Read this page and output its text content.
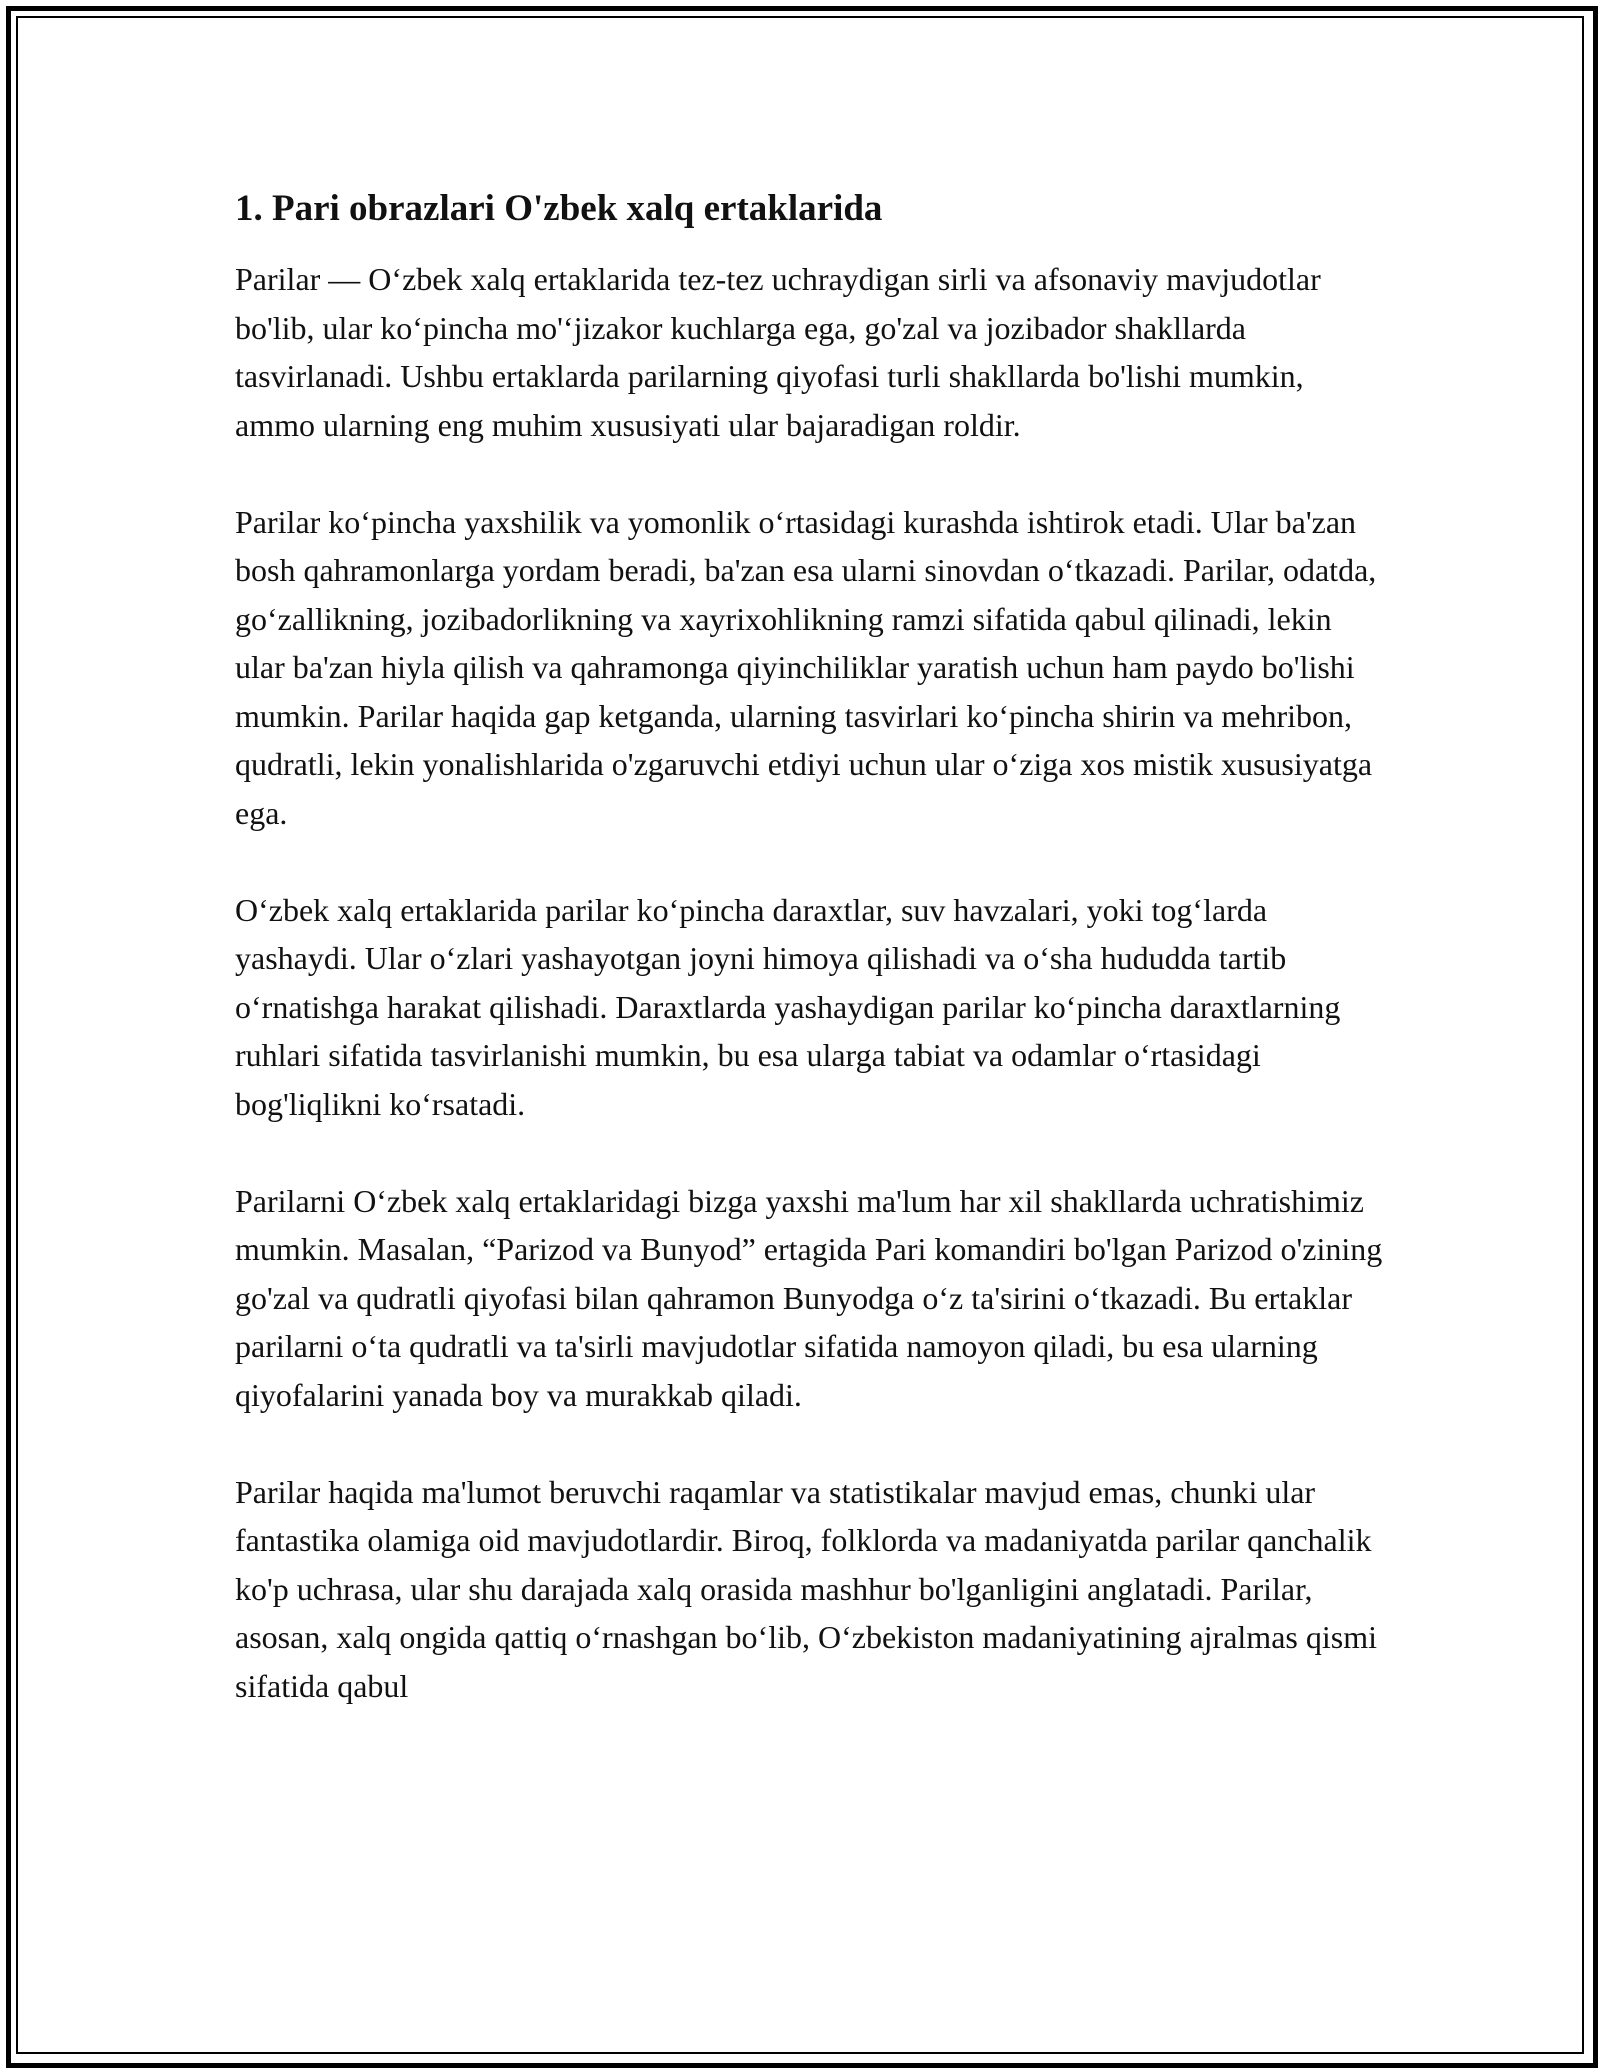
1. Pari obrazlari O'zbek xalq ertaklarida

Parilar — O‘zbek xalq ertaklarida tez-tez uchraydigan sirli va afsonaviy mavjudotlar bo'lib, ular ko‘pincha mo'‘jizakor kuchlarga ega, go'zal va jozibador shakllarda tasvirlanadi. Ushbu ertaklarda parilarning qiyofasi turli shakllarda bo'lishi mumkin, ammo ularning eng muhim xususiyati ular bajaradigan roldir.

Parilar ko‘pincha yaxshilik va yomonlik o‘rtasidagi kurashda ishtirok etadi. Ular ba'zan bosh qahramonlarga yordam beradi, ba'zan esa ularni sinovdan o‘tkazadi. Parilar, odatda, go‘zallikning, jozibadorlikning va xayrixohlikning ramzi sifatida qabul qilinadi, lekin ular ba'zan hiyla qilish va qahramonga qiyinchiliklar yaratish uchun ham paydo bo'lishi mumkin. Parilar haqida gap ketganda, ularning tasvirlari ko‘pincha shirin va mehribon, qudratli, lekin yonalishlarida o'zgaruvchi etdiyi uchun ular o‘ziga xos mistik xususiyatga ega.

O‘zbek xalq ertaklarida parilar ko‘pincha daraxtlar, suv havzalari, yoki tog‘larda yashaydi. Ular o‘zlari yashayotgan joyni himoya qilishadi va o‘sha hududda tartib o‘rnatishga harakat qilishadi. Daraxtlarda yashaydigan parilar ko‘pincha daraxtlarning ruhlari sifatida tasvirlanishi mumkin, bu esa ularga tabiat va odamlar o‘rtasidagi bog'liqlikni ko‘rsatadi.

Parilarni O‘zbek xalq ertaklaridagi bizga yaxshi ma'lum har xil shakllarda uchratishimiz mumkin. Masalan, “Parizod va Bunyod” ertagida Pari komandiri bo'lgan Parizod o'zining go'zal va qudratli qiyofasi bilan qahramon Bunyodga o‘z ta'sirini o‘tkazadi. Bu ertaklar parilarni o‘ta qudratli va ta'sirli mavjudotlar sifatida namoyon qiladi, bu esa ularning qiyofalarini yanada boy va murakkab qiladi.

Parilar haqida ma'lumot beruvchi raqamlar va statistikalar mavjud emas, chunki ular fantastika olamiga oid mavjudotlardir. Biroq, folklorda va madaniyatda parilar qanchalik ko'p uchrasa, ular shu darajada xalq orasida mashhur bo'lganligini anglatadi. Parilar, asosan, xalq ongida qattiq o‘rnashgan bo‘lib, O‘zbekiston madaniyatining ajralmas qismi sifatida qabul
